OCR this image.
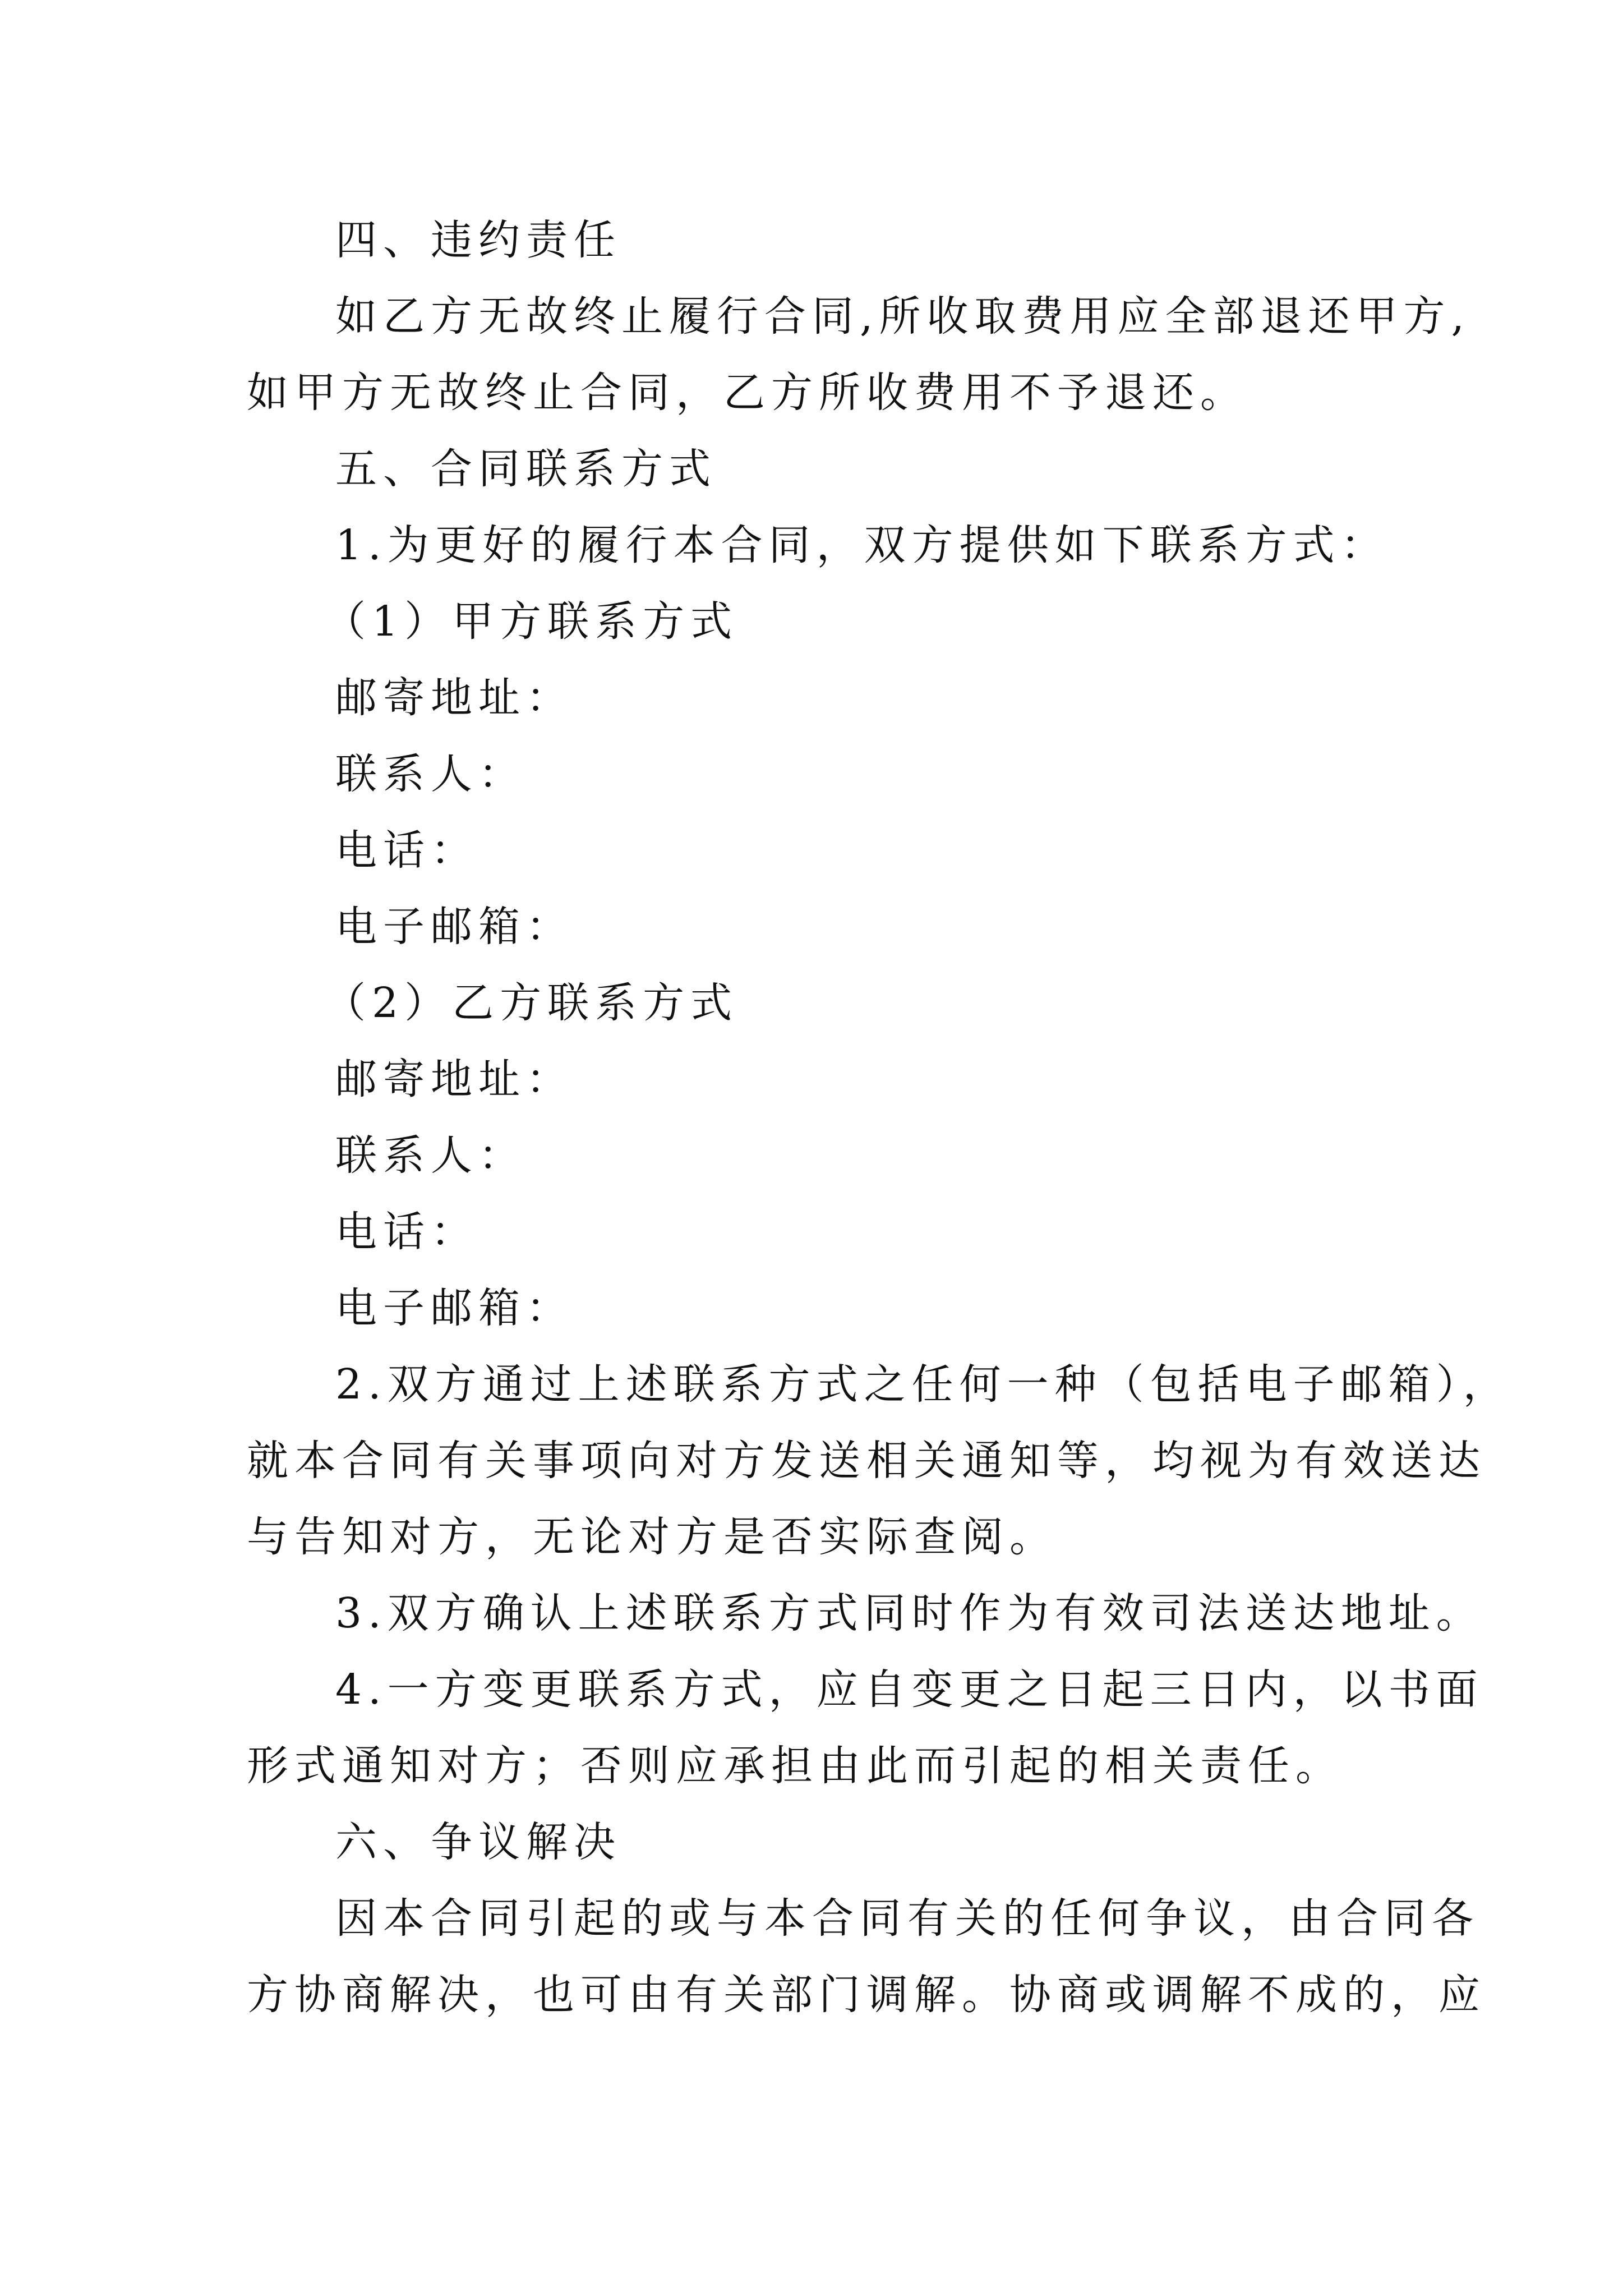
四、违约责任
如乙方无故终止履行合同,所收取费用应全部退还甲方,
如甲方无故终止合同，乙方所收费用不予退还。
五、合同联系方式
1.为更好的履行本合同，双方提供如下联系方式：
（1）甲方联系方式
邮寄地址：
联系人：
电话：
电子邮箱：
（2）乙方联系方式
邮寄地址：
联系人：
电话：
电子邮箱：
2.双方通过上述联系方式之任何一种（包括电子邮箱），
就本合同有关事项向对方发送相关通知等，均视为有效送达
与告知对方，无论对方是否实际查阅。
3.双方确认上述联系方式同时作为有效司法送达地址。
4.一方变更联系方式，应自变更之日起三日内，以书面
形式通知对方；否则应承担由此而引起的相关责任。
六、争议解决
因本合同引起的或与本合同有关的任何争议，由合同各
方协商解决，也可由有关部门调解。协商或调解不成的，应
